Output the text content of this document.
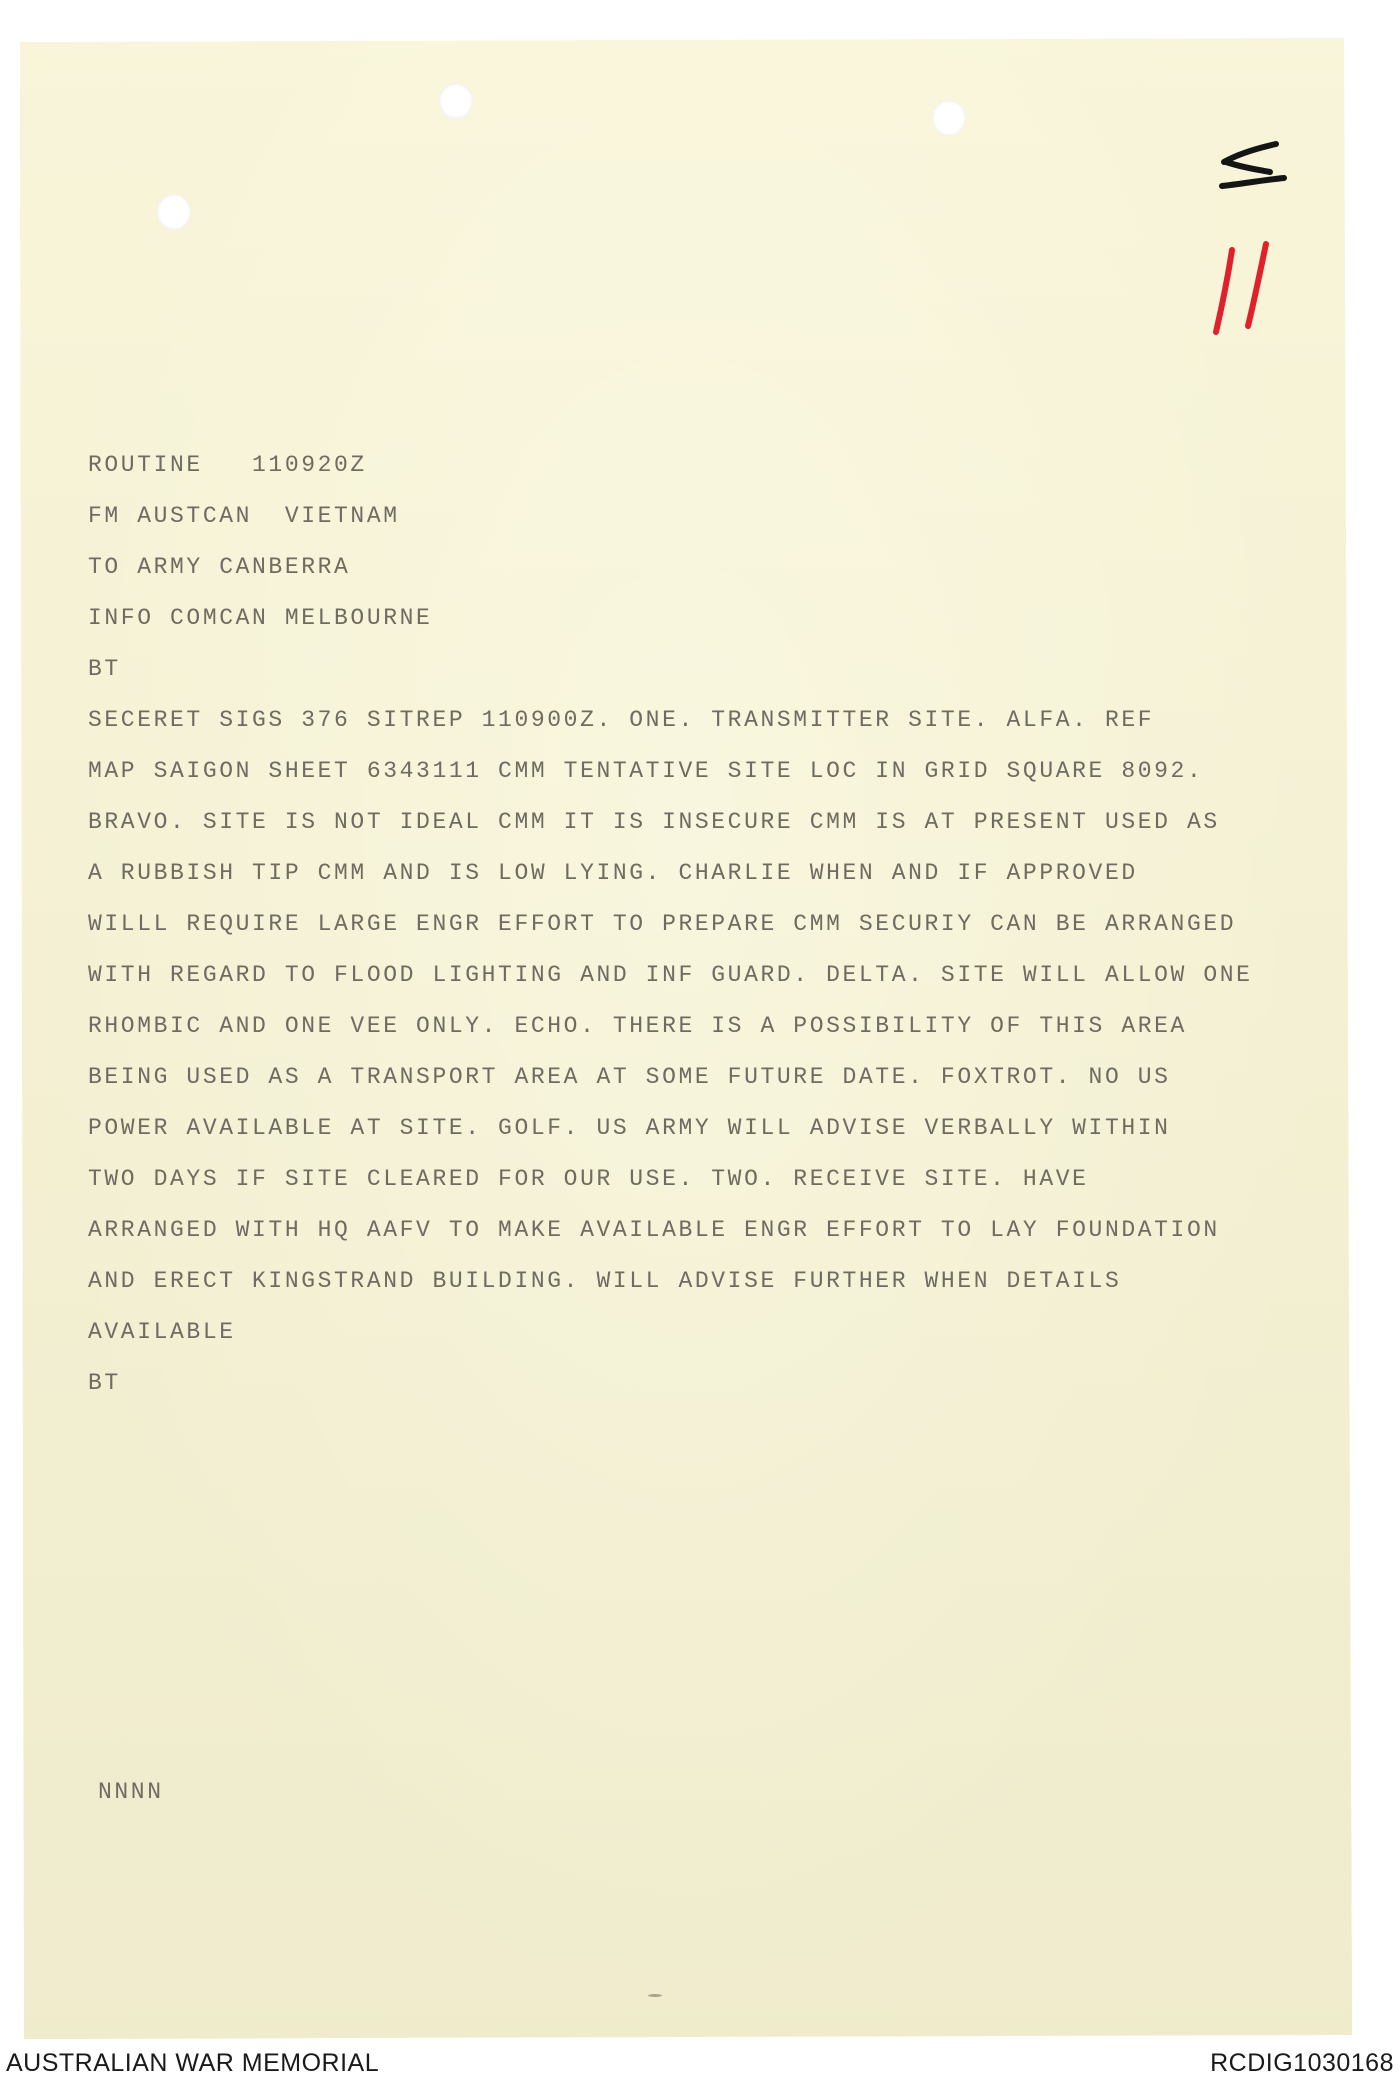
ROUTINE   110920Z
FM AUSTCAN  VIETNAM
TO ARMY CANBERRA
INFO COMCAN MELBOURNE
BT
SECERET SIGS 376 SITREP 110900Z. ONE. TRANSMITTER SITE. ALFA. REF
MAP SAIGON SHEET 6343111 CMM TENTATIVE SITE LOC IN GRID SQUARE 8092.
BRAVO. SITE IS NOT IDEAL CMM IT IS INSECURE CMM IS AT PRESENT USED AS
A RUBBISH TIP CMM AND IS LOW LYING. CHARLIE WHEN AND IF APPROVED
WILLL REQUIRE LARGE ENGR EFFORT TO PREPARE CMM SECURIY CAN BE ARRANGED
WITH REGARD TO FLOOD LIGHTING AND INF GUARD. DELTA. SITE WILL ALLOW ONE
RHOMBIC AND ONE VEE ONLY. ECHO. THERE IS A POSSIBILITY OF THIS AREA
BEING USED AS A TRANSPORT AREA AT SOME FUTURE DATE. FOXTROT. NO US
POWER AVAILABLE AT SITE. GOLF. US ARMY WILL ADVISE VERBALLY WITHIN
TWO DAYS IF SITE CLEARED FOR OUR USE. TWO. RECEIVE SITE. HAVE
ARRANGED WITH HQ AAFV TO MAKE AVAILABLE ENGR EFFORT TO LAY FOUNDATION
AND ERECT KINGSTRAND BUILDING. WILL ADVISE FURTHER WHEN DETAILS
AVAILABLE
BT
NNNN
AUSTRALIAN WAR MEMORIAL	RCDIG1030168
